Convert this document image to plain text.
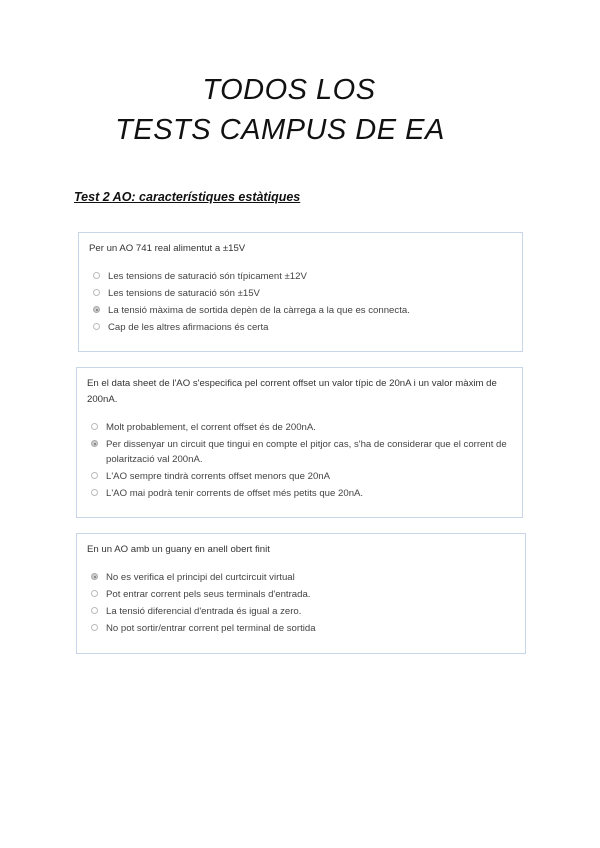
TODOS LOS
TESTS CAMPUS DE EA
Test 2 AO: característiques estàtiques

Per un AO 741 real alimentut a ±15V

Les tensions de saturació són típicament ±12V
Les tensions de saturació són ±15V
La tensió màxima de sortida depèn de la càrrega a la que es connecta.
Cap de les altres afirmacions és certa

En el data sheet de l'AO s'especifica pel corrent offset un valor típic de 20nA i un valor màxim de 200nA.

Molt probablement, el corrent offset és de 200nA.
Per dissenyar un circuit que tingui en compte el pitjor cas, s'ha de considerar que el corrent de polarització val 200nA.
L'AO sempre tindrà corrents offset menors que 20nA
L'AO mai podrà tenir corrents de offset més petits que 20nA.

En un AO amb un guany en anell obert finit

No es verifica el principi del curtcircuit virtual
Pot entrar corrent pels seus terminals d'entrada.
La tensió diferencial d'entrada és igual a zero.
No pot sortir/entrar corrent pel terminal de sortida
